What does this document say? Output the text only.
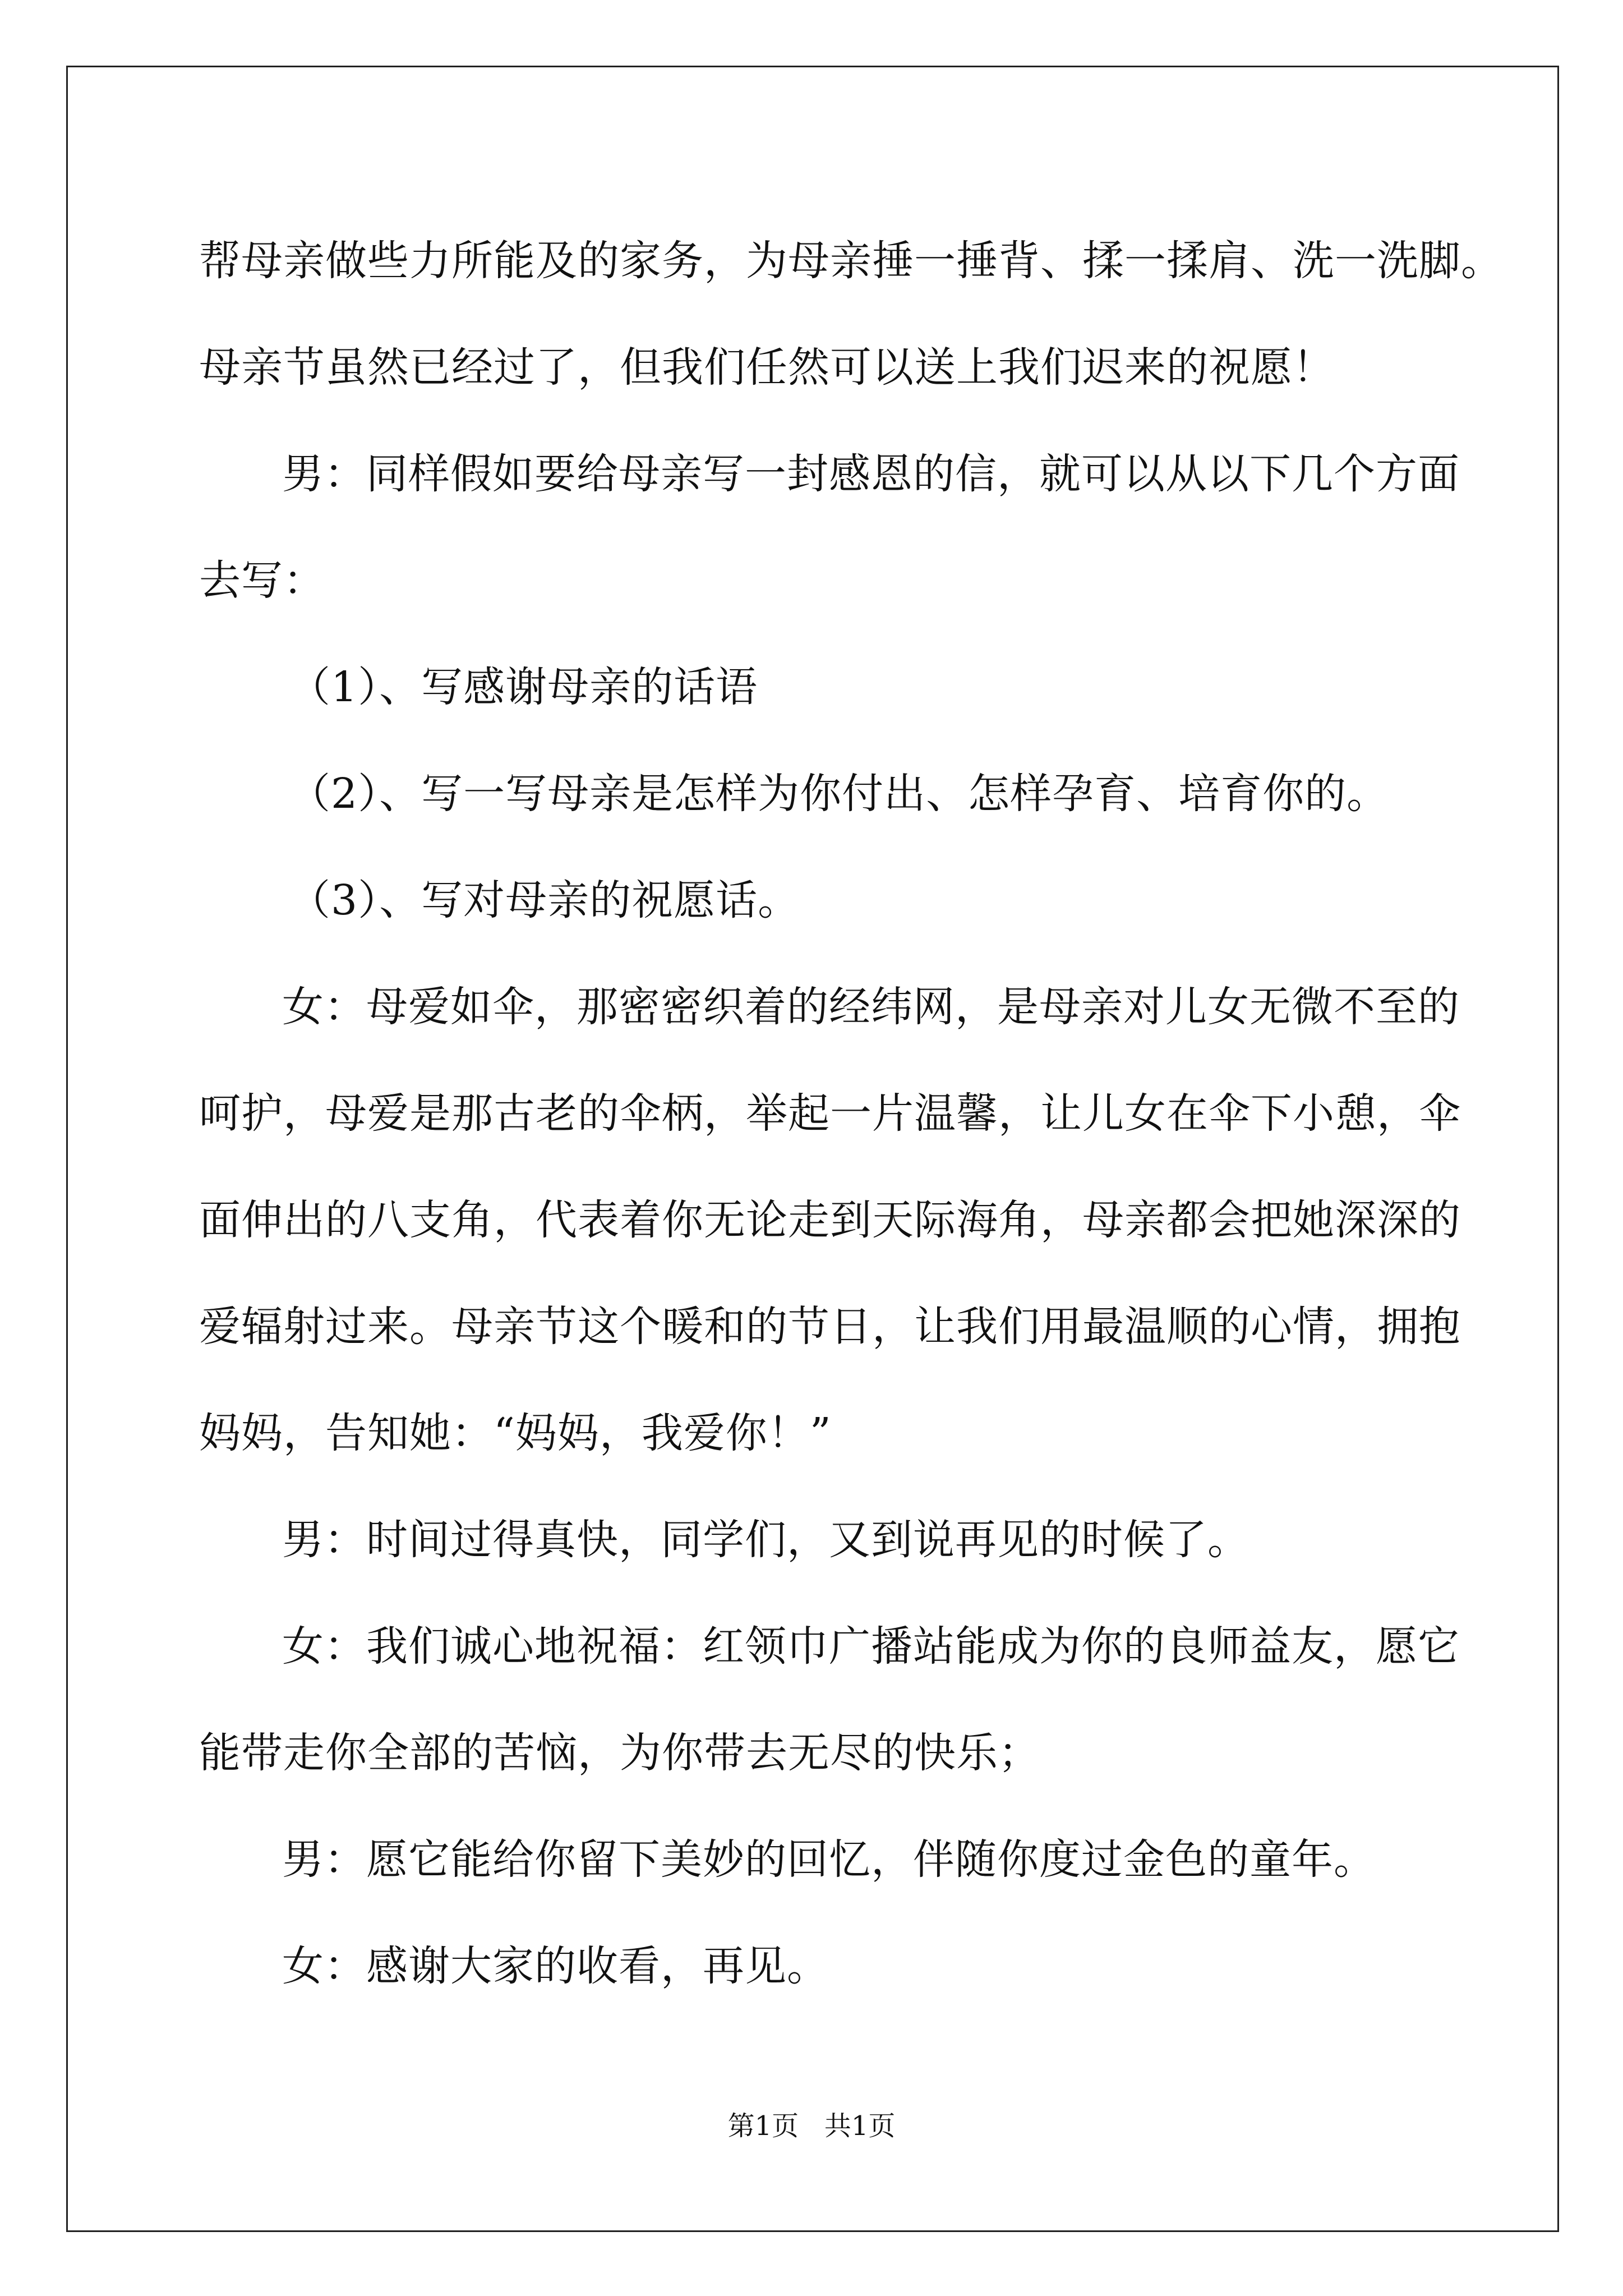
帮母亲做些力所能及的家务，为母亲捶一捶背、揉一揉肩、洗一洗脚。
母亲节虽然已经过了，但我们任然可以送上我们迟来的祝愿！
男：同样假如要给母亲写一封感恩的信，就可以从以下几个方面
去写：
（1）、写感谢母亲的话语
（2）、写一写母亲是怎样为你付出、怎样孕育、培育你的。
（3）、写对母亲的祝愿话。
女：母爱如伞，那密密织着的经纬网，是母亲对儿女无微不至的
呵护，母爱是那古老的伞柄，举起一片温馨，让儿女在伞下小憩，伞
面伸出的八支角，代表着你无论走到天际海角，母亲都会把她深深的
爱辐射过来。母亲节这个暖和的节日，让我们用最温顺的心情，拥抱
妈妈，告知她：“妈妈，我爱你！”
男：时间过得真快，同学们，又到说再见的时候了。
女：我们诚心地祝福：红领巾广播站能成为你的良师益友，愿它
能带走你全部的苦恼，为你带去无尽的快乐；
男：愿它能给你留下美妙的回忆，伴随你度过金色的童年。
女：感谢大家的收看，再见。
第1页   共1页
